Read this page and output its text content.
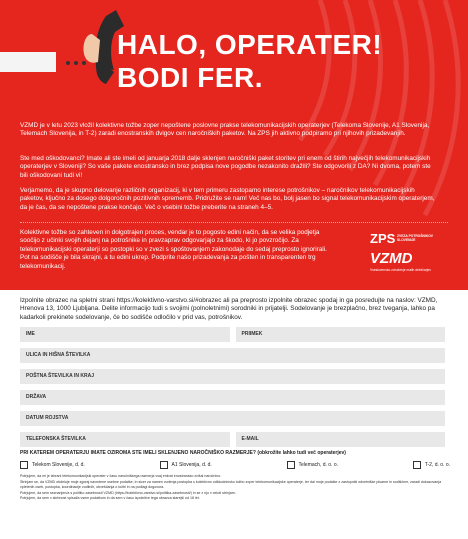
HALO, OPERATER!
BODI FER.

VZMD je v letu 2023 vložil kolektivne tožbe zoper nepoštene poslovne prakse telekomunikacijskih operaterjev (Telekoma Slovenije, A1 Slovenija, Telemach Slovenija, in T-2) zaradi enostranskih dvigov cen naročniških paketov. Na ZPS jih aktivno podpiramo pri njihovih prizadevanjih.

Ste med oškodovanci? Imate ali ste imeli od januarja 2018 dalje sklenjen naročniški paket storitev pri enem od štirih največjih telekomunikacijskih operaterjev v Sloveniji? So vaše pakete enostransko in brez podpisa nove pogodbe nezakonito dražili? Ste odgovorili z DA? Ni dvoma, potem ste bili oškodovani tudi vi!

Verjamemo, da je skupno delovanje različnih organizacij, ki v tem primeru zastopamo interese potrošnikov – naročnikov telekomunikacijskih paketov, ključno za dosego dolgoročnih pozitivnih sprememb. Pridružite se nam! Več nas bo, bolj jasen bo signal telekomunikacijskim operaterjem, da je čas, da se nepoštene prakse končajo. Več o vsebini tožbe preberite na straneh 4–5.

Kolektivne tožbe so zahteven in dolgotrajen proces, vendar je to pogosto edini način, da se velika podjetja soočijo z učinki svojih dejanj na potrošnike in pravzaprav odgovarjajo za škodo, ki jo povzročijo. Za telekomunikacijski operaterji so postopki so v zvezi s spoštovanjem zakonodaje do sedaj preprosto ignorirali. Pot na sodišče je bila skrajni, a tu edini ukrep. Podprite našo prizadevanja za pošten in transparenten trg telekomunikacij.

ZPS ZVEZA POTROŠNIKOV SLOVENIJE
VZMD
Vseslovensko združenje malih delničarjev

Izpolnite obrazec na spletni strani https://kolektivno-varstvo.si/#obrazec ali pa preprosto izpolnite obrazec spodaj in ga posredujte na naslov: VZMD, Hrenova 13, 1000 Ljubljana. Delite informacijo tudi s svojimi (polnoletnimi) sorodniki in prijatelji. Sodelovanje je brezplačno, brez tveganja, lahko pa kadarkoli prekinete sodelovanje, če bo sodišče odločilo v prid vas, potrošnikov.

IME	PRIIMEK
ULICA IN HIŠNA ŠTEVILKA
POŠTNA ŠTEVILKA IN KRAJ
DRŽAVA
DATUM ROJSTVA
TELEFONSKA ŠTEVILKA	E-MAIL
PRI KATEREM OPERATERJU IMATE OZIROMA STE IMELI SKLENJENO NAROČNIŠKO RAZMERJE? (obkrožite lahko tudi več operaterjev)
Telekom Slovenije, d. d.	A1 Slovenija, d. d.	Telemach, d. o. o.	T-2, d. o. o.

Potrjujem, da mi je izbrani telekomunikacijski operater v času naročniškega razmerja vsaj enkrat enostransko zvišal naročnino.

Strinjam se, da VZMD obdeluje moje zgoraj navedene osebne podatke, in sicer za namen vodenja postopka s kolektivno odškodninsko tožbo zoper telekomunikacijske operaterje, ter dal moje podatke z zastopniki odvetniške pisarne in sodiščem, zaradi dokazovanja vpletenih oseb, postopka, koordinacije vodilnih, obveščanja o tožbi in na podlagi dogovora.

Potrjujem, da sem seznanjen/a s politiko zasebnosti VZMD (https://kolektivno-varstvo.si/politika-zasebnosti/) in se z njo v celoti strinjam.

Potrjujem, da sem v skrbnost vpisal/a vsem podatkom in da sem v času izpolnitve tega obrazca starejši od 18 let.
